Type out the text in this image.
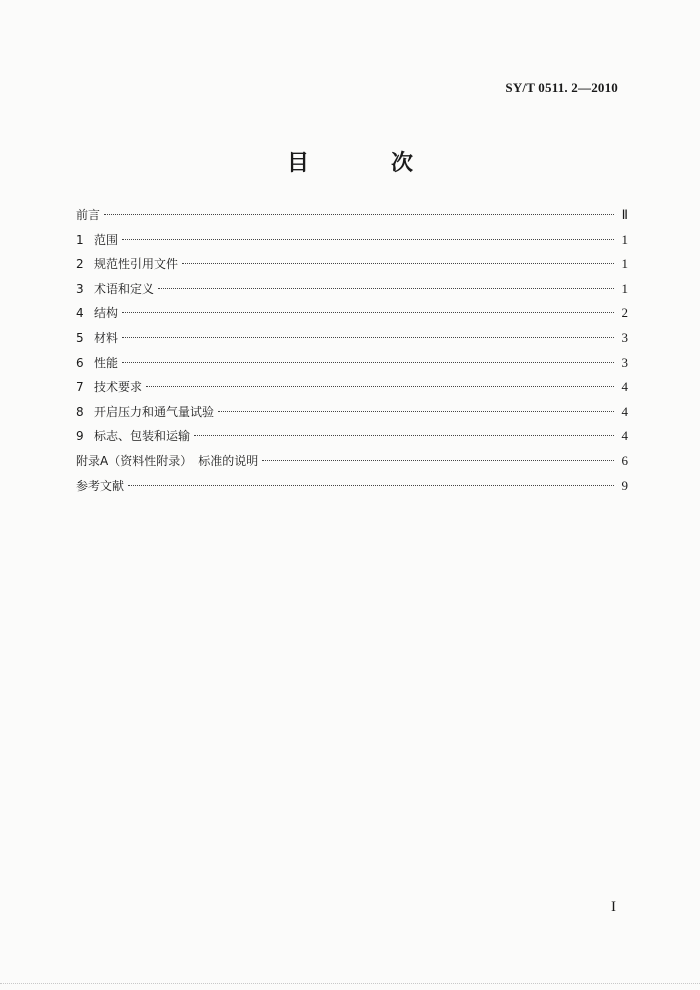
SY/T 0511. 2—2010
目　次
前言	Ⅱ
1 范围	1
2 规范性引用文件	1
3 术语和定义	1
4 结构	2
5 材料	3
6 性能	3
7 技术要求	4
8 开启压力和通气量试验	4
9 标志、包装和运输	4
附录A（资料性附录）　标准的说明	6
参考文献	9
I
